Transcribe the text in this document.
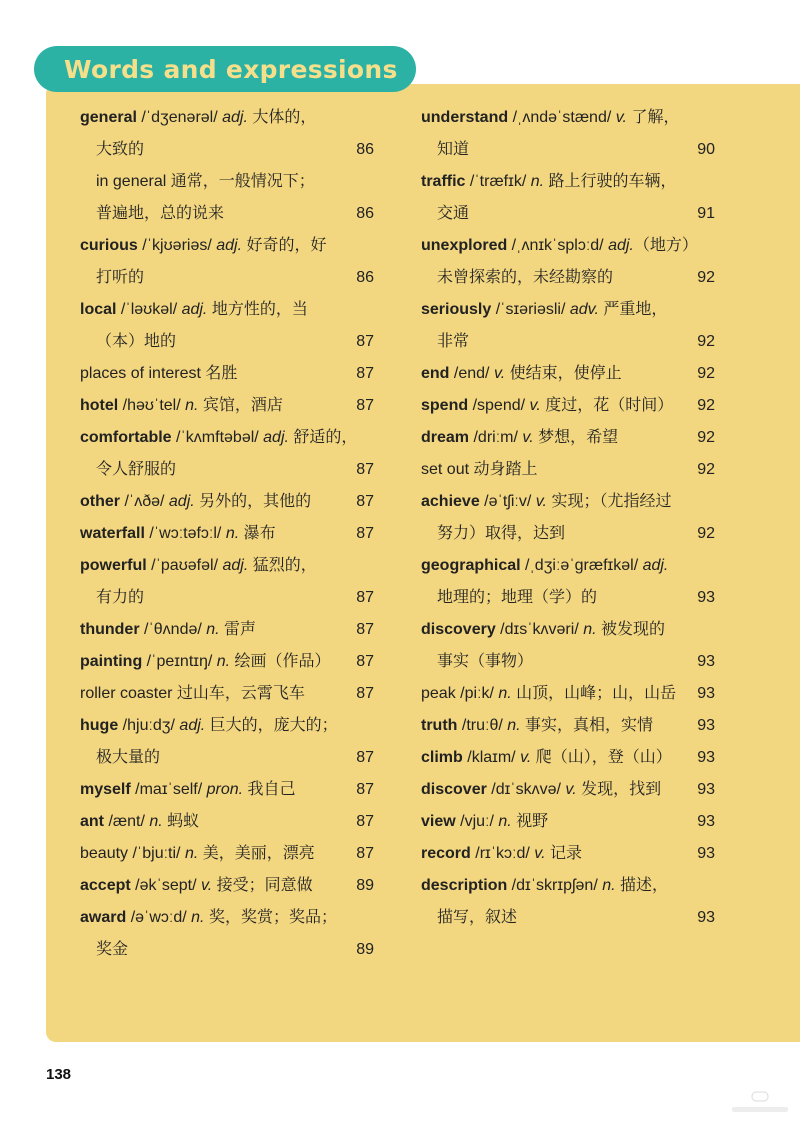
Words and expressions
general /ˈdʒenərəl/ adj. 大体的，
大致的	86
in general 通常，一般情况下；
普遍地，总的说来	86
curious /ˈkjʊəriəs/ adj. 好奇的，好
打听的	86
local /ˈləʊkəl/ adj. 地方性的，当
（本）地的	87
places of interest 名胜	87
hotel /həʊˈtel/ n. 宾馆，酒店	87
comfortable /ˈkʌmftəbəl/ adj. 舒适的，
令人舒服的	87
other /ˈʌðə/ adj. 另外的，其他的	87
waterfall /ˈwɔːtəfɔːl/ n. 瀑布	87
powerful /ˈpaʊəfəl/ adj. 猛烈的，
有力的	87
thunder /ˈθʌndə/ n. 雷声	87
painting /ˈpeɪntɪŋ/ n. 绘画（作品） 87
roller coaster 过山车，云霄飞车	87
huge /hjuːdʒ/ adj. 巨大的，庞大的；
极大量的	87
myself /maɪˈself/ pron. 我自己	87
ant /ænt/ n. 蚂蚁	87
beauty /ˈbjuːti/ n. 美，美丽，漂亮	87
accept /əkˈsept/ v. 接受；同意做	89
award /əˈwɔːd/ n. 奖，奖赏；奖品；
奖金	89
understand /ˌʌndəˈstænd/ v. 了解，
知道	90
traffic /ˈtræfɪk/ n. 路上行驶的车辆，
交通	91
unexplored /ˌʌnɪkˈsplɔːd/ adj.（地方）
未曾探索的，未经勘察的	92
seriously /ˈsɪəriəsli/ adv. 严重地，
非常	92
end /end/ v. 使结束，使停止	92
spend /spend/ v. 度过，花（时间） 92
dream /driːm/ v. 梦想，希望	92
set out 动身踏上	92
achieve /əˈtʃiːv/ v. 实现；（尤指经过
努力）取得，达到	92
geographical /ˌdʒiːəˈɡræfɪkəl/ adj.
地理的；地理（学）的	93
discovery /dɪsˈkʌvəri/ n. 被发现的
事实（事物）	93
peak /piːk/ n. 山顶，山峰；山，山岳 93
truth /truːθ/ n. 事实，真相，实情	93
climb /klaɪm/ v. 爬（山），登（山） 93
discover /dɪˈskʌvə/ v. 发现，找到 93
view /vjuː/ n. 视野	93
record /rɪˈkɔːd/ v. 记录	93
description /dɪˈskrɪpʃən/ n. 描述，
描写，叙述	93
138
